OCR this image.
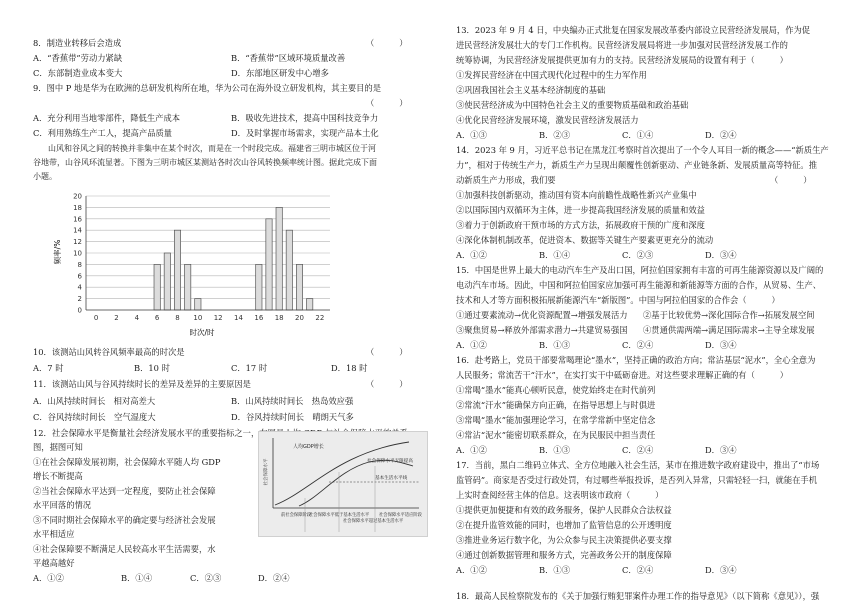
8．制造业转移后会造成	（　　　）
A．“香蕉带”劳动力紧缺	B．“香蕉带”区域环境质量改善
C．东部制造业成本变大	D．东部地区研发中心增多
9．图中 P 地是华为在欧洲的总研发机构所在地，华为公司在海外设立研发机构，其主要目的是
（　　　）
A．充分利用当地零部件，降低生产成本	B．吸收先进技术，提高中国科技竞争力
C．利用熟练生产工人，提高产品质量	D．及时掌握市场需求，实现产品本土化
山风和谷风之间的转换并非集中在某个时次，而是在一个时段完成。福建省三明市城区位于河
谷地带，山谷风环流显著。下图为三明市城区某测站各时次山谷风转换频率统计图。据此完成下面
小题。
0
2
4
6
8
10
12
14
16
18
20
0 2 4 6 8 10 12 14 16 18 20 22
频率/%
时次/时
10．该测站山风转谷风频率最高的时次是	（　　　）
A．7 时	B．10 时	C．17 时	D．18 时
11．该测站山风与谷风持续时长的差异及差异的主要原因是	（　　　）
A．山风持续时间长　相对高差大	B．山风持续时间长　热岛效应强
C．谷风持续时间长　空气湿度大	D．谷风持续时间长　晴朗天气多
12．社会保障水平是衡量社会经济发展水平的重要指标之一，右图是人均 GDP 与社会保障水平的关系
图，据图可知	（　　　）
①在社会保障发展初期，社会保障水平随人均 GDP
增长不断提高
②当社会保障水平达到一定程度，要防止社会保障
水平回落的情况
③不同时期社会保障水平的确定要与经济社会发展
水平相适应
④社会保障要不断满足人民较高水平生活需要，水
平越高越好
A．①②	B．①④	C．②③	D．②④
社会保障水平
人均GDP增长
社会保障水平无限提高
基本生活水平线
前社会保障阶段
社会保障水平低于基本生活水平
社会保障水平超过基本生活水平
社会保障水平适应阶段
13．2023 年 9 月 4 日，中央编办正式批复在国家发展改革委内部设立民营经济发展局，作为促
进民营经济发展壮大的专门工作机构。民营经济发展局将进一步加强对民营经济发展工作的
统筹协调，为民营经济发展提供更加有力的支持。民营经济发展局的设置有利于（　　　）
①发挥民营经济在中国式现代化过程中的生力军作用
②巩固我国社会主义基本经济制度的基础
③使民营经济成为中国特色社会主义的重要物质基础和政治基础
④优化民营经济发展环境，激发民营经济发展活力
A．①③	B．②③	C．①④	D．②④
14．2023 年 9 月，习近平总书记在黑龙江考察时首次提出了一个令人耳目一新的概念——“新质生产
力”，相对于传统生产力，新质生产力呈现出颠覆性创新驱动、产业链条新、发展质量高等特征。推
动新质生产力形成，我们要	（　　　）
①加强科技创新驱动，推动国有资本向前瞻性战略性新兴产业集中
②以国际国内双循环为主体，进一步提高我国经济发展的质量和效益
③着力于创新政府干预市场的方式方法，拓展政府干预的广度和深度
④深化体制机制改革，促进资本、数据等关键生产要素更更充分的流动
A．①②	B．①④	C．②③	D．③④
15．中国是世界上最大的电动汽车生产及出口国，阿拉伯国家拥有丰富的可再生能源资源以及广阔的
电动汽车市场。因此，中国和阿拉伯国家应加强可再生能源和新能源等方面的合作，从贸易、生产、
技术和人才等方面积极拓展新能源汽车“新版图”。中国与阿拉伯国家的合作会（　　　）
①通过要素流动→优化资源配置→增强发展活力 ②基于比较优势→深化国际合作→拓展发展空间
③聚焦贸易→释放外部需求潜力→共建贸易强国 ④贯通供需两端→满足国际需求→主导全球发展
A．①②	B．①③	C．②④	D．③④
16．赴考路上，党员干部要常喝理论“墨水”，坚持正确的政治方向；常沾基层“泥水”，全心全意为
人民服务；常流苦干“汗水”，在实打实干中砥砺奋进。对这些要求理解正确的有（　　　）
①常喝“墨水”能真心顿听民意，使党始终走在时代前列
②常流“汗水”能确保方向正确，在指导思想上与时俱进
③常喝“墨水”能加强理论学习，在常学常新中坚定信念
④常沾“泥水”能密切联系群众，在为民服民中担当责任
A．①②	B．①③	C．②④	D．③④
17．当前，黑白二维码立体式、全方位地融入社会生活，某市在推进数字政府建设中，推出了“市场
监管码”。商家是否受过行政处罚，有过哪些举报投诉，是否列入异常，只需轻轻一扫，就能在手机
上实时查阅经营主体的信息。这表明该市政府（　　　）
①提供更加便捷和有效的政务服务，保护人民群众合法权益
②在提升监管效能的同时，也增加了监管信息的公开透明度
③推进业务运行数字化，为公众参与民主决策提供必要支撑
④通过创新数据管理和服务方式，完善政务公开的制度保障
A．①②	B．①③	C．②④	D．③④
18．最高人民检察院发布的《关于加强行贿犯罪案件办理工作的指导意见》（以下简称《意见》），强
